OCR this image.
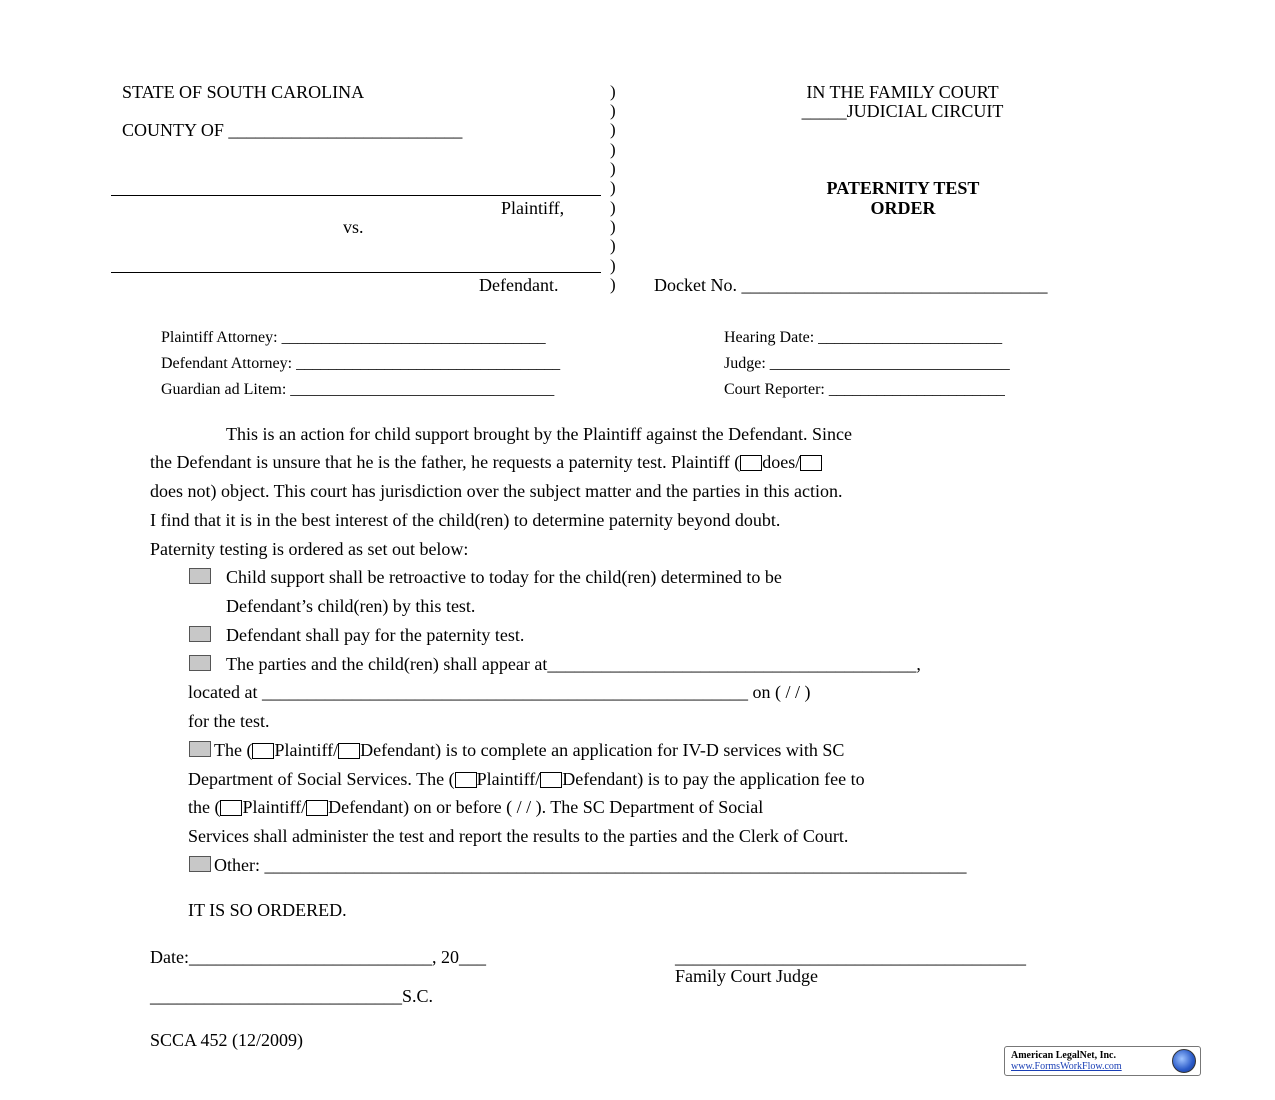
STATE OF SOUTH CAROLINA
COUNTY OF __________________________
Plaintiff,
vs.
Defendant.
)
)
)
)
)
)
)
)
)
)
)
IN THE FAMILY COURT
_____JUDICIAL CIRCUIT
PATERNITY TEST
ORDER
Docket No. __________________________________
Plaintiff Attorney: _________________________________
Defendant Attorney: _________________________________
Guardian ad Litem: _________________________________
Hearing Date: _______________________
Judge: ______________________________
Court Reporter: ______________________
This is an action for child support brought by the Plaintiff against the Defendant. Since
the Defendant is unsure that he is the father, he requests a paternity test. Plaintiff ( does/
does not) object. This court has jurisdiction over the subject matter and the parties in this action.
I find that it is in the best interest of the child(ren) to determine paternity beyond doubt.
Paternity testing is ordered as set out below:
Child support shall be retroactive to today for the child(ren) determined to be
Defendant’s child(ren) by this test.
Defendant shall pay for the paternity test.
The parties and the child(ren) shall appear at_________________________________________,
located at ______________________________________________________ on ( / / )
for the test.
The ( Plaintiff/ Defendant) is to complete an application for IV-D services with SC
Department of Social Services. The ( Plaintiff/ Defendant) is to pay the application fee to
the ( Plaintiff/ Defendant) on or before ( / / ). The SC Department of Social
Services shall administer the test and report the results to the parties and the Clerk of Court.
Other: ______________________________________________________________________________
IT IS SO ORDERED.
Date:___________________________, 20___	_______________________________________
Family Court Judge
____________________________S.C.
SCCA 452 (12/2009)
American LegalNet, Inc.
www.FormsWorkFlow.com
